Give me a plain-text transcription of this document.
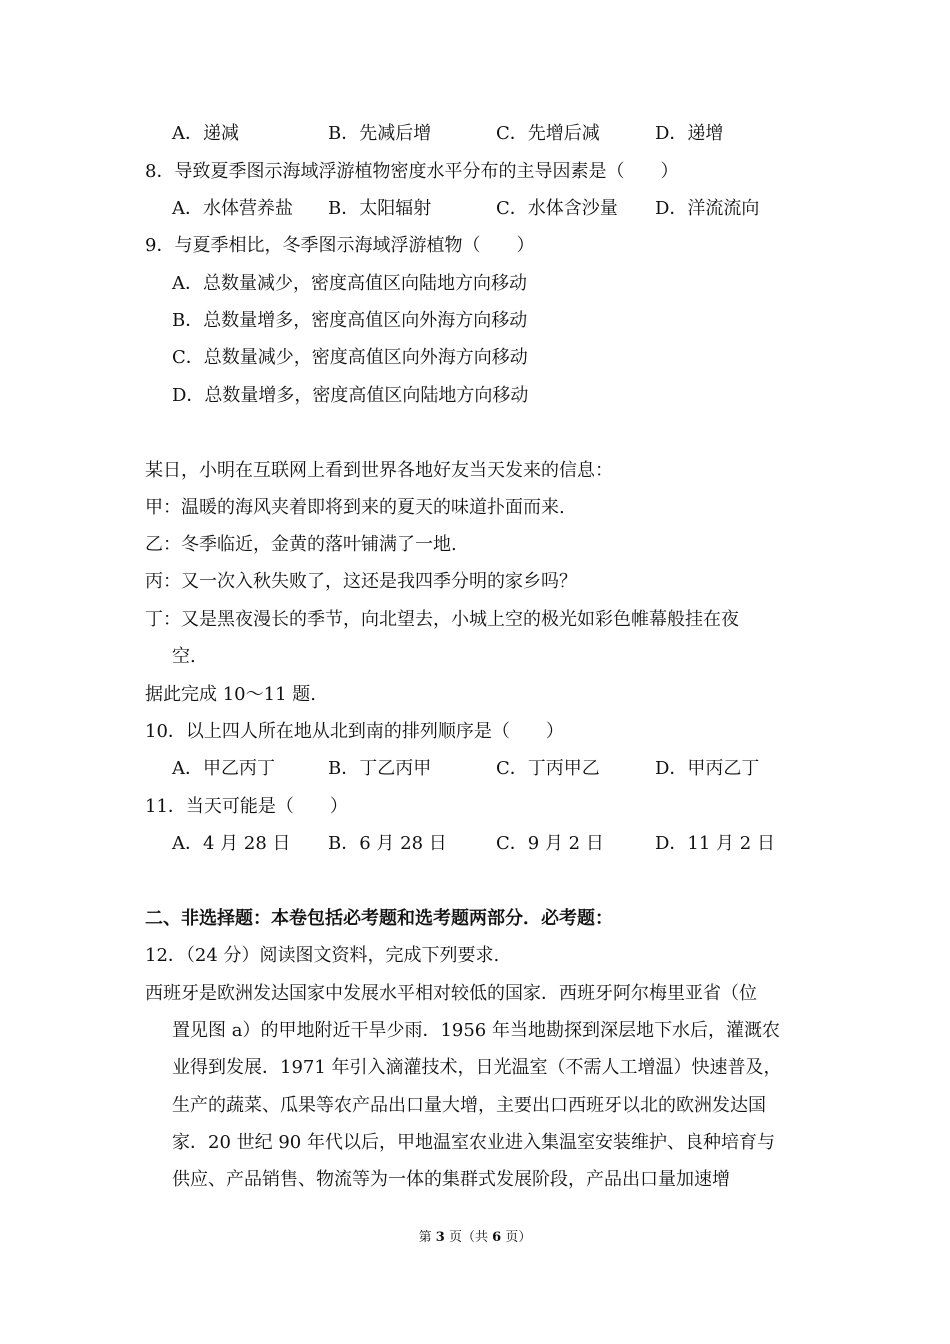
A．递减	B．先减后增	C．先增后减	D．递增
8．导致夏季图示海域浮游植物密度水平分布的主导因素是（　　）
A．水体营养盐 B．太阳辐射	C．水体含沙量 D．洋流流向
9．与夏季相比，冬季图示海域浮游植物（　　）
A．总数量减少，密度高值区向陆地方向移动
B．总数量增多，密度高值区向外海方向移动
C．总数量减少，密度高值区向外海方向移动
D．总数量增多，密度高值区向陆地方向移动
某日，小明在互联网上看到世界各地好友当天发来的信息：
甲：温暖的海风夹着即将到来的夏天的味道扑面而来.
乙：冬季临近，金黄的落叶铺满了一地.
丙：又一次入秋失败了，这还是我四季分明的家乡吗？
丁：又是黑夜漫长的季节，向北望去，小城上空的极光如彩色帷幕般挂在夜
空.
据此完成 10～11 题.
10．以上四人所在地从北到南的排列顺序是（　　）
A．甲乙丙丁	B．丁乙丙甲	C．丁丙甲乙	D．甲丙乙丁
11．当天可能是（　　）
A．4 月 28 日 B．6 月 28 日	C．9 月 2 日	D．11 月 2 日
二、非选择题：本卷包括必考题和选考题两部分．必考题：
12．（24 分）阅读图文资料，完成下列要求.
西班牙是欧洲发达国家中发展水平相对较低的国家．西班牙阿尔梅里亚省（位
置见图 a）的甲地附近干旱少雨．1956 年当地勘探到深层地下水后，灌溉农
业得到发展．1971 年引入滴灌技术，日光温室（不需人工增温）快速普及，
生产的蔬菜、瓜果等农产品出口量大增，主要出口西班牙以北的欧洲发达国
家．20 世纪 90 年代以后，甲地温室农业进入集温室安装维护、良种培育与
供应、产品销售、物流等为一体的集群式发展阶段，产品出口量加速增
第 3 页（共 6 页）
